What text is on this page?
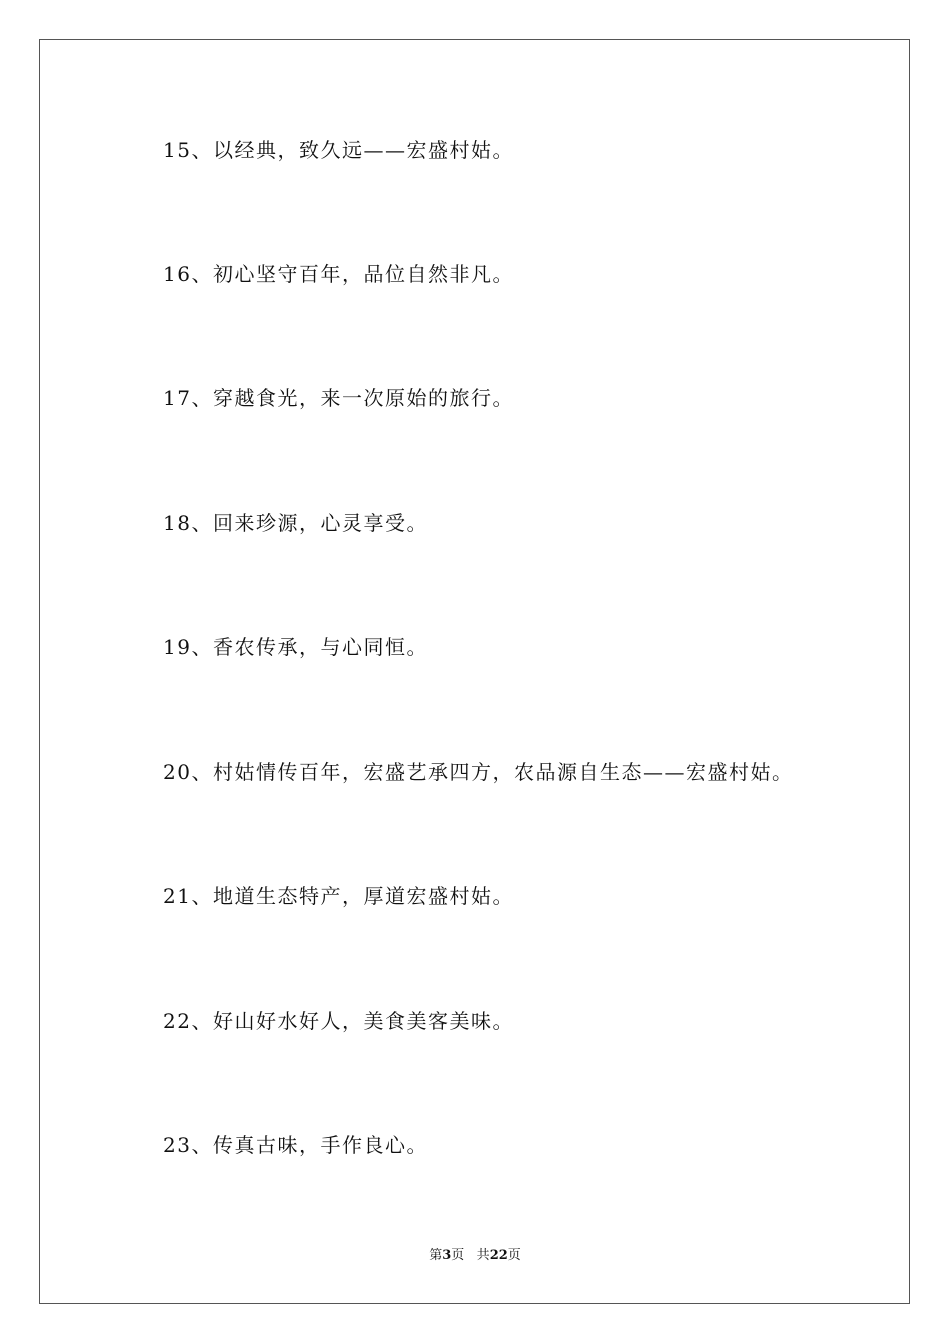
15、以经典，致久远——宏盛村姑。
16、初心坚守百年，品位自然非凡。
17、穿越食光，来一次原始的旅行。
18、回来珍源，心灵享受。
19、香农传承，与心同恒。
20、村姑情传百年，宏盛艺承四方，农品源自生态——宏盛村姑。
21、地道生态特产，厚道宏盛村姑。
22、好山好水好人，美食美客美味。
23、传真古味，手作良心。
第3页 共22页
